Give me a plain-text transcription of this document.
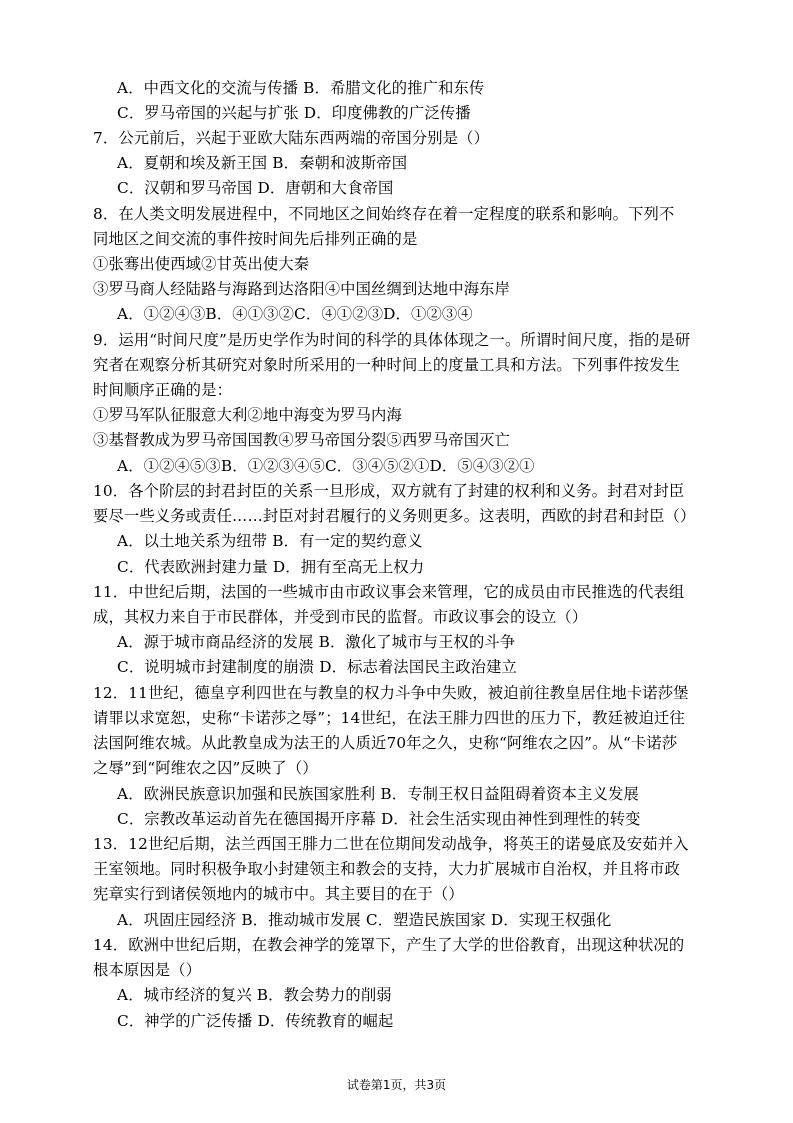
A．中西文化的交流与传播 B．希腊文化的推广和东传
C．罗马帝国的兴起与扩张 D．印度佛教的广泛传播
7．公元前后，兴起于亚欧大陆东西两端的帝国分别是（）
A．夏朝和埃及新王国 B．秦朝和波斯帝国
C．汉朝和罗马帝国 D．唐朝和大食帝国
8．在人类文明发展进程中，不同地区之间始终存在着一定程度的联系和影响。下列不
同地区之间交流的事件按时间先后排列正确的是
①张骞出使西域②甘英出使大秦
③罗马商人经陆路与海路到达洛阳④中国丝绸到达地中海东岸
A．①②④③B．④①③②C．④①②③D．①②③④
9．运用“时间尺度”是历史学作为时间的科学的具体体现之一。所谓时间尺度，指的是研
究者在观察分析其研究对象时所采用的一种时间上的度量工具和方法。下列事件按发生
时间顺序正确的是：
①罗马军队征服意大利②地中海变为罗马内海
③基督教成为罗马帝国国教④罗马帝国分裂⑤西罗马帝国灭亡
A．①②④⑤③B．①②③④⑤C．③④⑤②①D．⑤④③②①
10．各个阶层的封君封臣的关系一旦形成，双方就有了封建的权利和义务。封君对封臣
要尽一些义务或责任……封臣对封君履行的义务则更多。这表明，西欧的封君和封臣（）
A．以土地关系为纽带 B．有一定的契约意义
C．代表欧洲封建力量 D．拥有至高无上权力
11．中世纪后期，法国的一些城市由市政议事会来管理，它的成员由市民推选的代表组
成，其权力来自于市民群体，并受到市民的监督。市政议事会的设立（）
A．源于城市商品经济的发展 B．激化了城市与王权的斗争
C．说明城市封建制度的崩溃 D．标志着法国民主政治建立
12．11世纪，德皇亨利四世在与教皇的权力斗争中失败，被迫前往教皇居住地卡诺莎堡
请罪以求宽恕，史称“卡诺莎之辱”；14世纪，在法王腓力四世的压力下，教廷被迫迁往
法国阿维农城。从此教皇成为法王的人质近70年之久，史称“阿维农之囚”。从“卡诺莎
之辱”到“阿维农之囚”反映了（）
A．欧洲民族意识加强和民族国家胜利 B．专制王权日益阻碍着资本主义发展
C．宗教改革运动首先在德国揭开序幕 D．社会生活实现由神性到理性的转变
13．12世纪后期，法兰西国王腓力二世在位期间发动战争，将英王的诺曼底及安茹并入
王室领地。同时积极争取小封建领主和教会的支持，大力扩展城市自治权，并且将市政
宪章实行到诸侯领地内的城市中。其主要目的在于（）
A．巩固庄园经济 B．推动城市发展 C．塑造民族国家 D．实现王权强化
14．欧洲中世纪后期，在教会神学的笼罩下，产生了大学的世俗教育，出现这种状况的
根本原因是（）
A．城市经济的复兴 B．教会势力的削弱
C．神学的广泛传播 D．传统教育的崛起
试卷第1页，共3页
